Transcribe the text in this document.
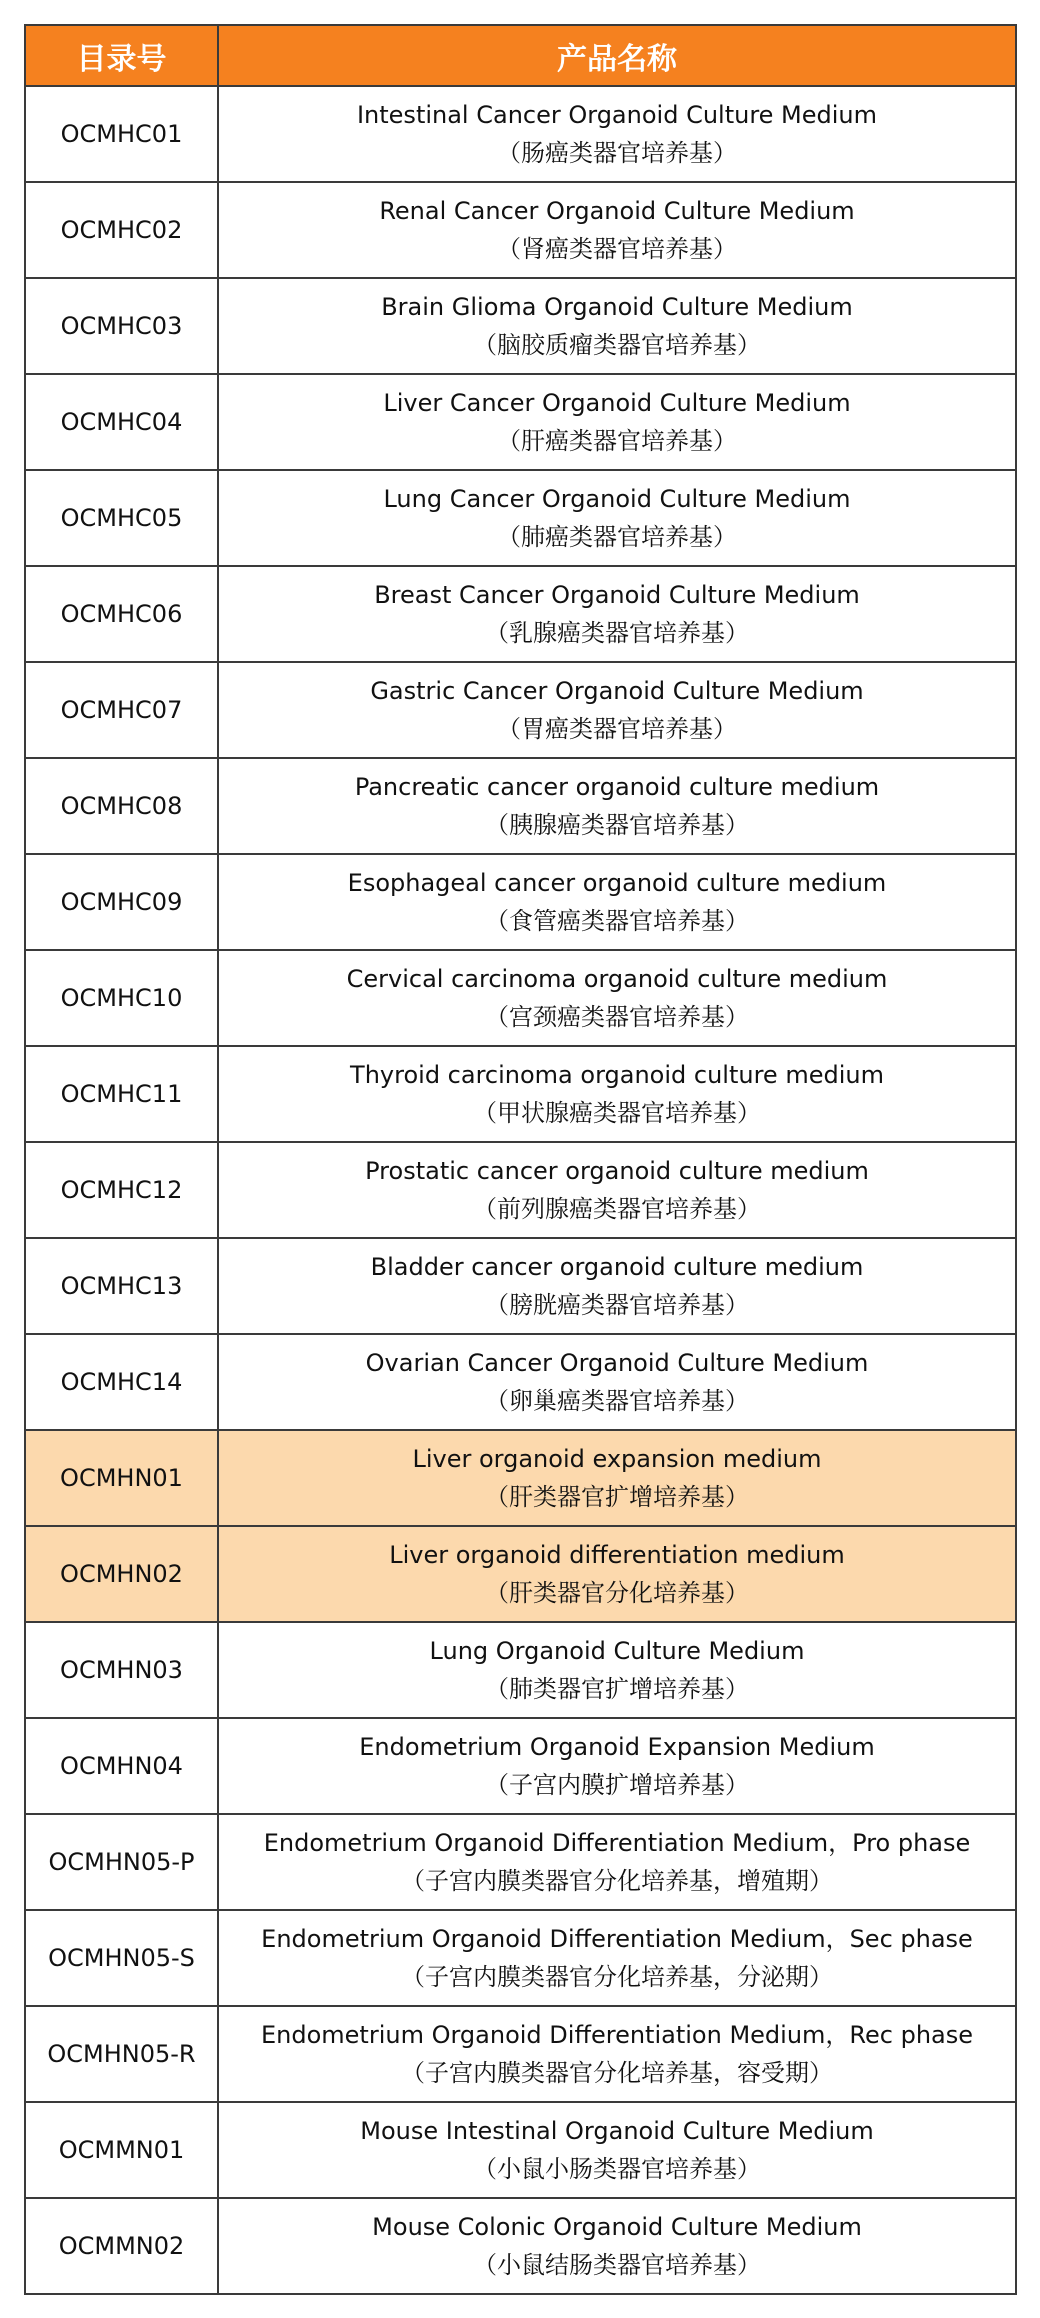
目录号	产品名称
OCMHC01	Intestinal Cancer Organoid Culture Medium
（肠癌类器官培养基）

OCMHC02	Renal Cancer Organoid Culture Medium
（肾癌类器官培养基）

OCMHC03	Brain Glioma Organoid Culture Medium
（脑胶质瘤类器官培养基）

OCMHC04	Liver Cancer Organoid Culture Medium
（肝癌类器官培养基）

OCMHC05	Lung Cancer Organoid Culture Medium
（肺癌类器官培养基）

OCMHC06	Breast Cancer Organoid Culture Medium
（乳腺癌类器官培养基）

OCMHC07	Gastric Cancer Organoid Culture Medium
（胃癌类器官培养基）

OCMHC08	Pancreatic cancer organoid culture medium
（胰腺癌类器官培养基）

OCMHC09	Esophageal cancer organoid culture medium
（食管癌类器官培养基）

OCMHC10	Cervical carcinoma organoid culture medium
（宫颈癌类器官培养基）

OCMHC11	Thyroid carcinoma organoid culture medium
（甲状腺癌类器官培养基）

OCMHC12	Prostatic cancer organoid culture medium
（前列腺癌类器官培养基）

OCMHC13	Bladder cancer organoid culture medium
（膀胱癌类器官培养基）

OCMHC14	Ovarian Cancer Organoid Culture Medium
（卵巢癌类器官培养基）

OCMHN01	Liver organoid expansion medium
（肝类器官扩增培养基）

OCMHN02	Liver organoid differentiation medium
（肝类器官分化培养基）

OCMHN03	Lung Organoid Culture Medium
（肺类器官扩增培养基）

OCMHN04	Endometrium Organoid Expansion Medium
（子宫内膜扩增培养基）

OCMHN05-P	Endometrium Organoid Differentiation Medium，Pro phase
（子宫内膜类器官分化培养基，增殖期）

OCMHN05-S	Endometrium Organoid Differentiation Medium，Sec phase
（子宫内膜类器官分化培养基，分泌期）

OCMHN05-R	Endometrium Organoid Differentiation Medium，Rec phase
（子宫内膜类器官分化培养基，容受期）

OCMMN01	Mouse Intestinal Organoid Culture Medium
（小鼠小肠类器官培养基）

OCMMN02	Mouse Colonic Organoid Culture Medium
（小鼠结肠类器官培养基）
